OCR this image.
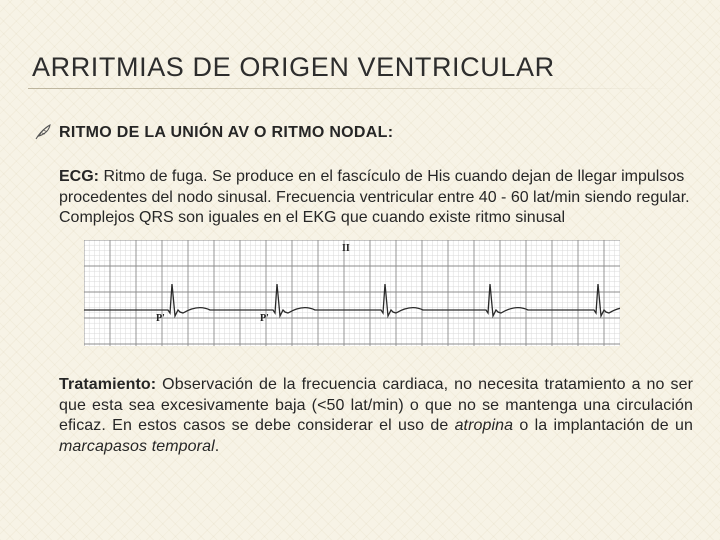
ARRITMIAS DE ORIGEN VENTRICULAR
RITMO DE LA UNIÓN AV O RITMO NODAL:
ECG: Ritmo de fuga. Se produce en el fascículo de His cuando dejan de llegar impulsos procedentes del nodo sinusal. Frecuencia ventricular entre 40 - 60 lat/min siendo regular. Complejos QRS son iguales en el EKG que cuando existe ritmo sinusal
II
P'	P'
Tratamiento: Observación de la frecuencia cardiaca, no necesita tratamiento a no ser que esta sea excesivamente baja (<50 lat/min) o que no se mantenga una circulación eficaz. En estos casos se debe considerar el uso de atropina o la implantación de un marcapasos temporal.
